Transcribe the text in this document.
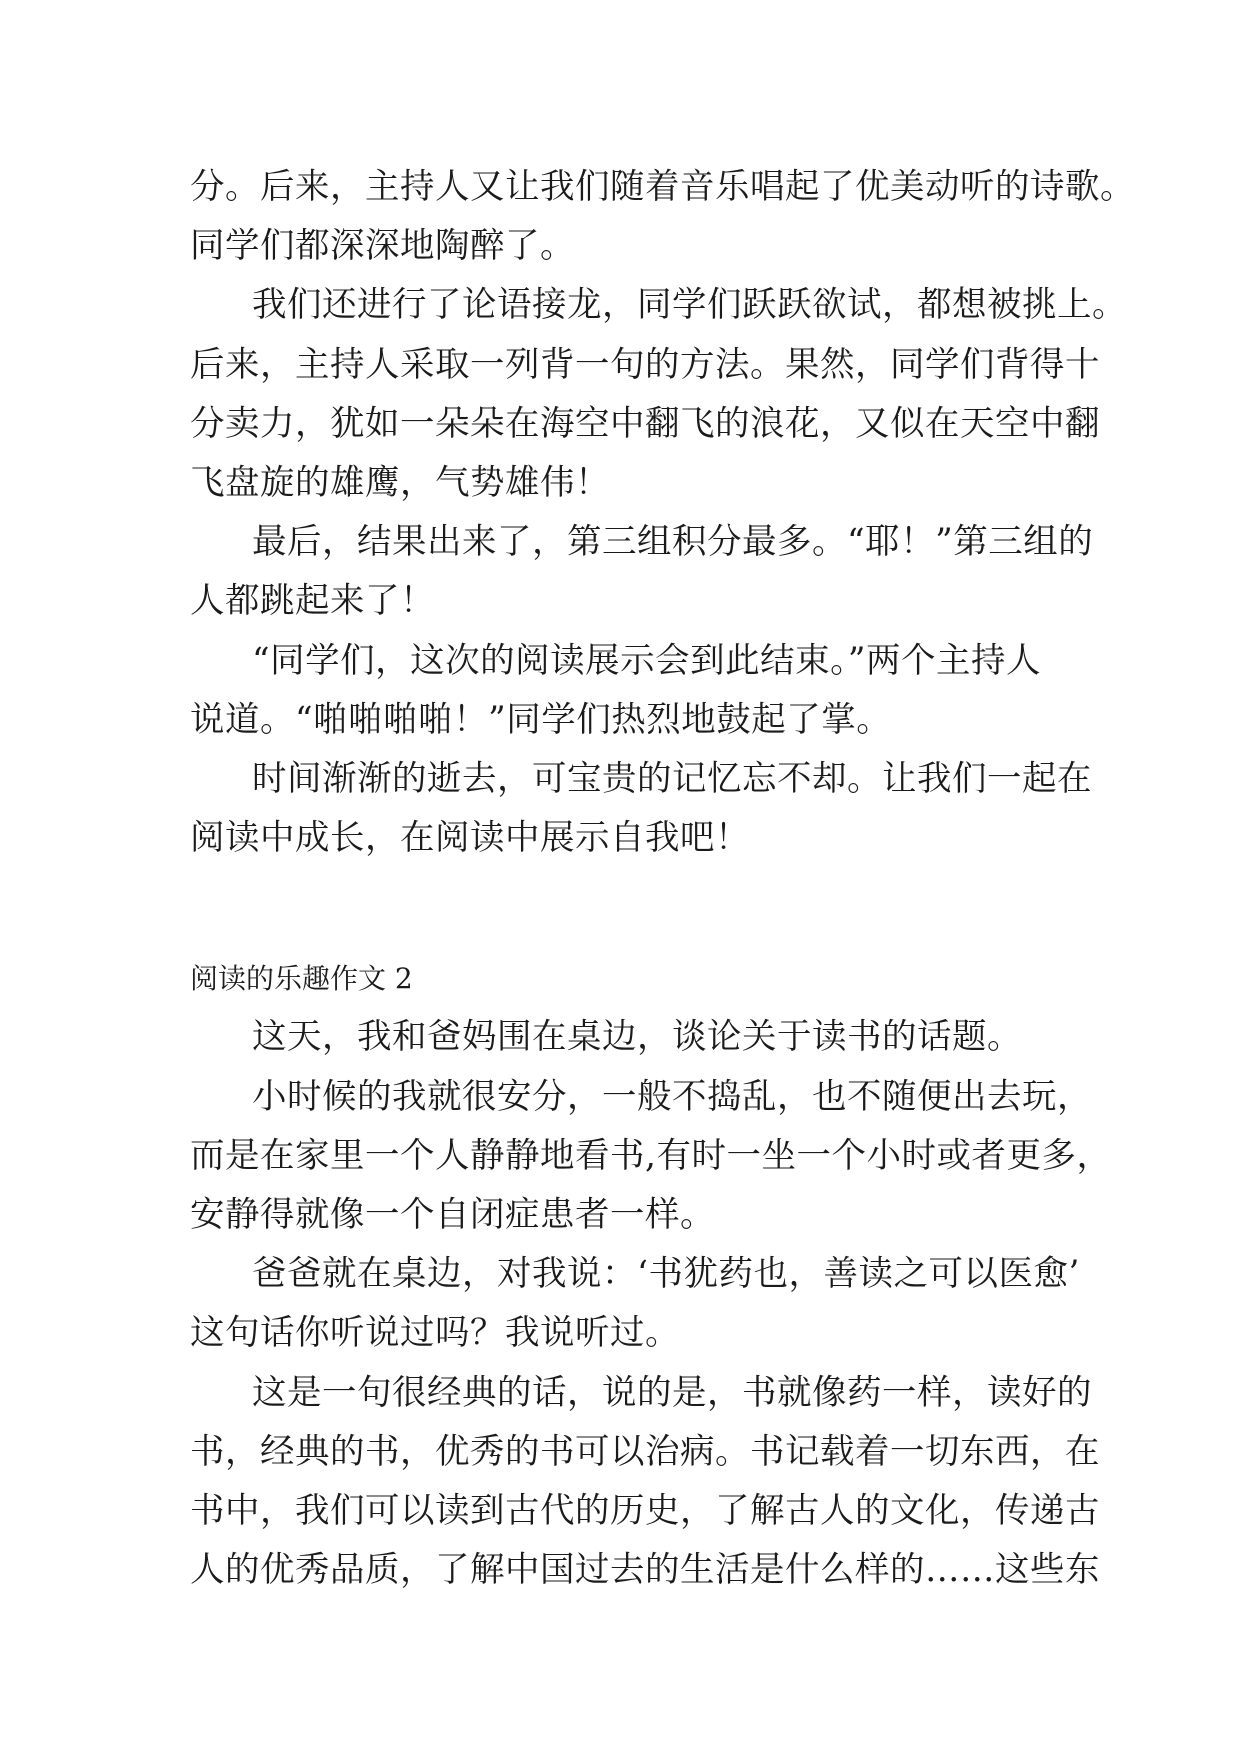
分。后来，主持人又让我们随着音乐唱起了优美动听的诗歌。
同学们都深深地陶醉了。
我们还进行了论语接龙，同学们跃跃欲试，都想被挑上。
后来，主持人采取一列背一句的方法。果然，同学们背得十
分卖力，犹如一朵朵在海空中翻飞的浪花，又似在天空中翻
飞盘旋的雄鹰，气势雄伟！
最后，结果出来了，第三组积分最多。“耶！”第三组的
人都跳起来了！
“同学们，这次的阅读展示会到此结束。”两个主持人
说道。“啪啪啪啪！”同学们热烈地鼓起了掌。
时间渐渐的逝去，可宝贵的记忆忘不却。让我们一起在
阅读中成长，在阅读中展示自我吧！
阅读的乐趣作文 2
这天，我和爸妈围在桌边，谈论关于读书的话题。
小时候的我就很安分，一般不捣乱，也不随便出去玩，
而是在家里一个人静静地看书,有时一坐一个小时或者更多，
安静得就像一个自闭症患者一样。
爸爸就在桌边，对我说：‘书犹药也，善读之可以医愈’
这句话你听说过吗？我说听过。
这是一句很经典的话，说的是，书就像药一样，读好的
书，经典的书，优秀的书可以治病。书记载着一切东西，在
书中，我们可以读到古代的历史，了解古人的文化，传递古
人的优秀品质，了解中国过去的生活是什么样的……这些东
